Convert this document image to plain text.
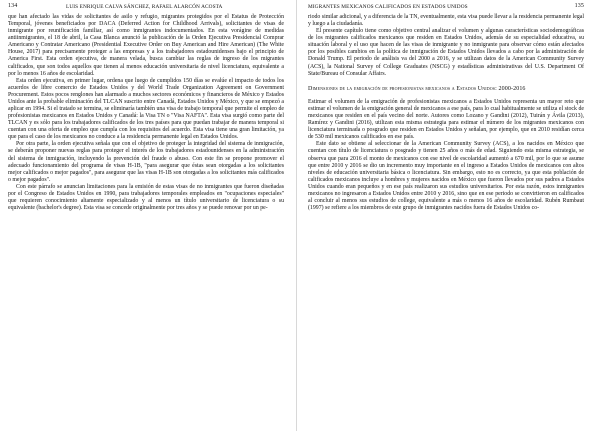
134	LUIS ENRIQUE CALVA SÁNCHEZ, RAFAEL ALARCÓN ACOSTA

que han afectado las vidas de solicitantes de asilo y refugio, migrantes protegidos por el Estatus de Protección Temporal, jóvenes beneficiados por DACA (Deferred Action for Childhood Arrivals), solicitantes de visas de inmigrante por reunificación familiar, así como inmigrantes indocumentados. En esta vorágine de medidas antiinmigrantes, el 18 de abril, la Casa Blanca anunció la publicación de la Orden Ejecutiva Presidencial Comprar Americano y Contratar Americano (Presidential Executive Order on Buy American and Hire American) (The White House, 2017) para precisamente proteger a las empresas y a los trabajadores estadounidenses bajo el principio de America First. Esta orden ejecutiva, de manera velada, busca cambiar las reglas de ingreso de los migrantes calificados, que son todos aquellos que tienen al menos educación universitaria de nivel licenciatura, equivalente a por lo menos 16 años de escolaridad.

Esta orden ejecutiva, en primer lugar, ordena que luego de cumplidos 150 días se evalúe el impacto de todos los acuerdos de libre comercio de Estados Unidos y del World Trade Organization Agreement on Government Procurement. Estos pocos renglones han alarmado a muchos sectores económicos y financieros de México y Estados Unidos ante la probable eliminación del TLCAN suscrito entre Canadá, Estados Unidos y México, y que se empezó a aplicar en 1994. Si el tratado se termina, se eliminaría también una visa de trabajo temporal que permite el empleo de profesionistas mexicanos en Estados Unidos y Canadá: la Visa TN o "Visa NAFTA". Esta visa surgió como parte del TLCAN y es sólo para los trabajadores calificados de los tres países para que puedan trabajar de manera temporal si cuentan con una oferta de empleo que cumpla con los requisitos del acuerdo. Esta visa tiene una gran limitación, ya que para el caso de los mexicanos no conduce a la residencia permanente legal en Estados Unidos.

Por otra parte, la orden ejecutiva señala que con el objetivo de proteger la integridad del sistema de inmigración, se deberán proponer nuevas reglas para proteger el interés de los trabajadores estadounidenses en la administración del sistema de inmigración, incluyendo la prevención del fraude o abuso. Con este fin se propone promover el adecuado funcionamiento del programa de visas H-1B, "para asegurar que éstas sean otorgadas a los solicitantes mejor calificados o mejor pagados", para asegurar que las visas H-1B son otorgadas a los solicitantes más calificados o mejor pagados".

Con este párrafo se anuncian limitaciones para la emisión de estas visas de no inmigrantes que fueron diseñadas por el Congreso de Estados Unidos en 1990, para trabajadores temporales empleados en "ocupaciones especiales" que requieren conocimiento altamente especializado y al menos un título universitario de licenciatura o su equivalente (bachelor's degree). Esta visa se concede originalmente por tres años y se puede renovar por un pe-

MIGRANTES MEXICANOS CALIFICADOS EN ESTADOS UNIDOS	135

riodo similar adicional, y a diferencia de la TN, eventualmente, esta visa puede llevar a la residencia permanente legal y luego a la ciudadanía.

El presente capítulo tiene como objetivo central analizar el volumen y algunas características sociodemográficas de los migrantes calificados mexicanos que residen en Estados Unidos, además de su especialidad educativa, su situación laboral y el uso que hacen de las visas de inmigrante y no inmigrante para observar cómo están afectados por los posibles cambios en la política de inmigración de Estados Unidos llevados a cabo por la administración de Donald Trump. El periodo de análisis va del 2000 a 2016, y se utilizan datos de la American Community Survey (ACS), la National Survey of College Graduates (NSCG) y estadísticas administrativas del U.S. Department Of State/Bureau of Consular Affairs.

Dimensiones de la emigración de profesionistas mexicanos a Estados Unidos: 2000-2016

Estimar el volumen de la emigración de profesionistas mexicanos a Estados Unidos representa un mayor reto que estimar el volumen de la emigración general de mexicanos a ese país, para lo cual habitualmente se utiliza el stock de mexicanos que residen en el país vecino del norte. Autores como Lozano y Gandini (2012), Tuirán y Ávila (2013), Ramírez y Gandini (2016), utilizan esta misma estrategia para estimar el número de los migrantes mexicanos con licenciatura terminada o posgrado que residen en Estados Unidos y señalan, por ejemplo, que en 2010 residían cerca de 530 mil mexicanos calificados en ese país.

Este dato se obtiene al seleccionar de la American Community Survey (ACS), a los nacidos en México que cuentan con título de licenciatura o posgrado y tienen 25 años o más de edad. Siguiendo esta misma estrategia, se observa que para 2016 el monto de mexicanos con ese nivel de escolaridad aumentó a 670 mil, por lo que se asume que entre 2010 y 2016 se dio un incremento muy importante en el ingreso a Estados Unidos de mexicanos con altos niveles de educación universitaria básica o licenciatura. Sin embargo, esto no es correcto, ya que esta población de calificados mexicanos incluye a hombres y mujeres nacidos en México que fueron llevados por sus padres a Estados Unidos cuando eran pequeños y en ese país realizaron sus estudios universitarios. Por esta razón, estos inmigrantes mexicanos no ingresaron a Estados Unidos entre 2010 y 2016, sino que en ese periodo se convirtieron en calificados al concluir al menos sus estudios de college, equivalente a más o menos 16 años de escolaridad. Rubén Rumbaut (1997) se refiere a los miembros de este grupo de inmigrantes nacidos fuera de Estados Unidos co-
